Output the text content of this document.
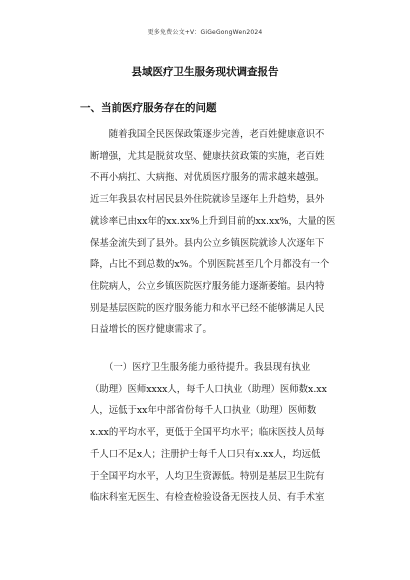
更多免费公文+V：GiGeGongWen2024
县域医疗卫生服务现状调查报告
一、当前医疗服务存在的问题
　　随着我国全民医保政策逐步完善，老百姓健康意识不
断增强，尤其是脱贫攻坚、健康扶贫政策的实施，老百姓
不再小病扛、大病拖、对优质医疗服务的需求越来越强。
近三年我县农村居民县外住院就诊呈逐年上升趋势，县外
就诊率已由xx年的xx.xx%上升到目前的xx.xx%，大量的医
保基金流失到了县外。县内公立乡镇医院就诊人次逐年下
降，占比不到总数的x%。个别医院甚至几个月都没有一个
住院病人，公立乡镇医院医疗服务能力逐渐萎缩。县内特
别是基层医院的医疗服务能力和水平已经不能够满足人民
日益增长的医疗健康需求了。
　　（一）医疗卫生服务能力亟待提升。我县现有执业
（助理）医师xxxx人，每千人口执业（助理）医师数x.xx
人，远低于xx年中部省份每千人口执业（助理）医师数
x.xx的平均水平，更低于全国平均水平；临床医技人员每
千人口不足x人；注册护士每千人口只有x.xx人，均远低
于全国平均水平，人均卫生资源低。特别是基层卫生院有
临床科室无医生、有检查检验设备无医技人员、有手术室
